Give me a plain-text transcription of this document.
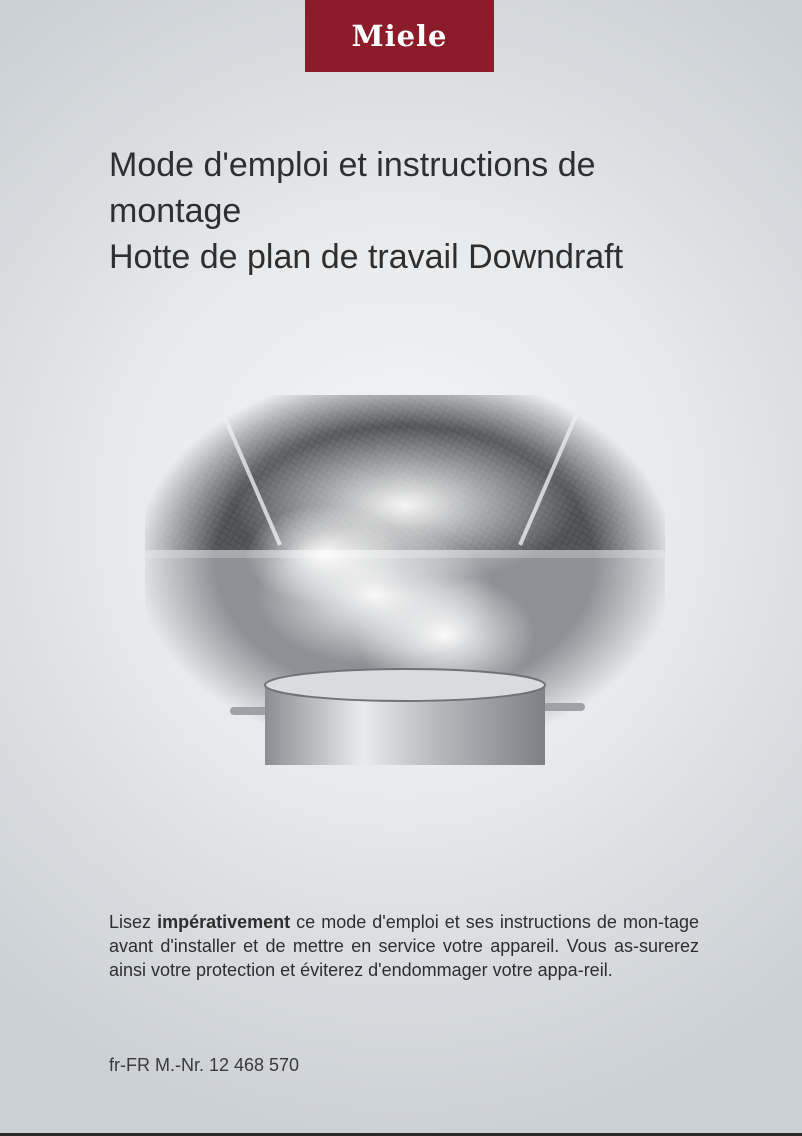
Miele
Mode d'emploi et instructions de
montage
Hotte de plan de travail Downdraft
Lisez impérativement ce mode d'emploi et ses instructions de mon-tage avant d'installer et de mettre en service votre appareil. Vous as-surerez ainsi votre protection et éviterez d'endommager votre appa-reil.
fr-FR M.-Nr. 12 468 570
